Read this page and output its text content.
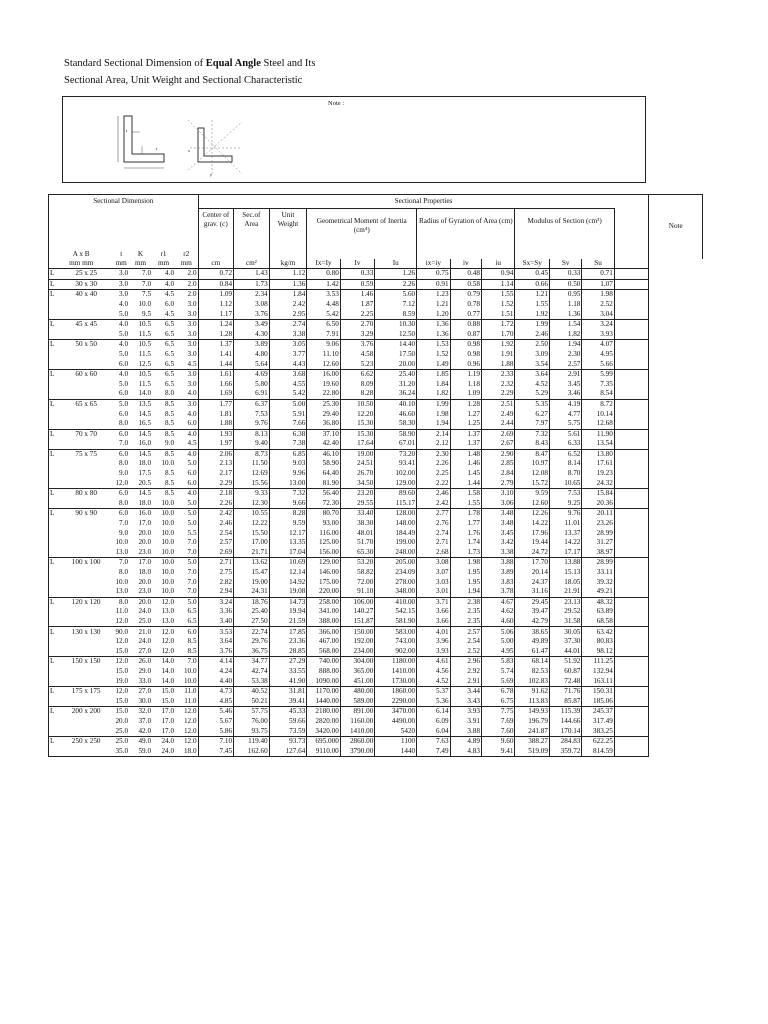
Standard Sectional Dimension of Equal Angle Steel and Its
Sectional Area, Unit Weight and Sectional Characteristic
Note :
t
t	x
y
Sectional Dimension						Sectional Properties													Note
A x B		t	K	r1	r2	Center of grav. (c)	Sec.of Area	Unit Weight	Geometrical Moment of Inertia (cm⁴)			Radius of Gyration of Area (cm)			Modulus of Section (cm³)				
mm mm		mm	mm	mm	mm	cm	cm²	kg/m	Ix=Iy	Iv	Iu	ix=iy	iv	iu	Sx=Sy	Sv	Su		
L	25 x 25	3.0	7.0	4.0	2.0	0.72	1.43	1.12	0.80	0.33	1.26	0.75	0.48	0.94	0.45	0.33	0.71		
L	30 x 30	3.0	7.0	4.0	2.0	0.84	1.73	1.36	1.42	0.59	2.26	0.91	0.58	1.14	0.66	0.50	1.07		
L	40 x 40	3.0	7.5	4.5	2.0	1.09	2.34	1.84	3.53	1.46	5.60	1.23	0.79	1.55	1.21	0.95	1.98		
		4.0	10.0	6.0	3.0	1.12	3.08	2.42	4.48	1.87	7.12	1.21	0.78	1.52	1.55	1.18	2.52		
		5.0	9.5	4.5	3.0	1.17	3.76	2.95	5.42	2.25	8.59	1.20	0.77	1.51	1.92	1.36	3.04		
L	45 x 45	4.0	10.5	6.5	3.0	1.24	3.49	2.74	6.50	2.70	10.30	1.36	0.88	1.72	1.99	1.54	3.24		
		5.0	11.5	6.5	3.0	1.28	4.30	3.38	7.91	3.29	12.50	1.36	0.87	1.70	2.46	1.82	3.93		
L	50 x 50	4.0	10.5	6.5	3.0	1.37	3.89	3.05	9.06	3.76	14.40	1.53	0.98	1.92	2.50	1.94	4.07		
		5.0	11.5	6.5	3.0	1.41	4.80	3.77	11.10	4.58	17.50	1.52	0.98	1.91	3.09	2.30	4.95		
		6.0	12.5	6.5	4.5	1.44	5.64	4.43	12.60	5.23	20.00	1.49	0.96	1.88	3.54	2.57	5.66		
L	60 x 60	4.0	10.5	6.5	3.0	1.61	4.69	3.68	16.00	6.62	25.40	1.85	1.19	2.33	3.64	2.91	5.99		
		5.0	11.5	6.5	3.0	1.66	5.80	4.55	19.60	8.09	31.20	1.84	1.18	2.32	4.52	3.45	7.35		
		6.0	14.0	8.0	4.0	1.69	6.91	5.42	22.80	8.28	36.24	1.82	1.09	2.29	5.29	3.46	8.54		
L	65 x 65	5.0	13.5	8.5	3.0	1.77	6.37	5.00	25.30	10.50	40.10	1.99	1.28	2.51	5.35	4.19	8.72		
		6.0	14.5	8.5	4.0	1.81	7.53	5.91	29.40	12.20	46.60	1.98	1.27	2.49	6.27	4.77	10.14		
		8.0	16.5	8.5	6.0	1.88	9.76	7.66	36.80	15.30	58.30	1.94	1.25	2.44	7.97	5.75	12.68		
L	70 x 70	6.0	14.5	8.5	4.0	1.93	8.13	6.38	37.10	15.30	58.90	2.14	1.37	2.69	7.32	5.61	11.90		
		7.0	16.0	9.0	4.5	1.97	9.40	7.38	42.40	17.64	67.01	2.12	1.37	2.67	8.43	6.33	13.54		
L	75 x 75	6.0	14.5	8.5	4.0	2.06	8.73	6.85	46.10	19.00	73.20	2.30	1.48	2.90	8.47	6.52	13.80		
		8.0	18.0	10.0	5.0	2.13	11.50	9.03	58.90	24.51	93.41	2.26	1.46	2.85	10.97	8.14	17.61		
		9.0	17.5	8.5	6.0	2.17	12.69	9.96	64.40	26.70	102.00	2.25	1.45	2.84	12.08	8.70	19.23		
		12.0	20.5	8.5	6.0	2.29	15.56	13.00	81.90	34.50	129.00	2.22	1.44	2.79	15.72	10.65	24.32		
L	80 x 80	6.0	14.5	8.5	4.0	2.18	9.33	7.32	56.40	23.20	89.60	2.46	1.58	3.10	9.59	7.53	15.84		
		8.0	18.0	10.0	5.0	2.26	12.30	9.66	72.30	29.55	115.17	2.42	1.55	3.06	12.60	9.25	20.36		
L	90 x 90	6.0	16.0	10.0	5.0	2.42	10.55	8.28	80.70	33.40	128.00	2.77	1.78	3.48	12.26	9.76	20.11		
		7.0	17.0	10.0	5.0	2.46	12.22	9.59	93.00	38.30	148.00	2.76	1.77	3.48	14.22	11.01	23.26		
		9.0	20.0	10.0	5.5	2.54	15.50	12.17	116.00	48.01	184.49	2.74	1.76	3.45	17.96	13.37	28.99		
		10.0	20.0	10.0	7.0	2.57	17.00	13.35	125.00	51.70	199.00	2.71	1.74	3.42	19.44	14.22	31.27		
		13.0	23.0	10.0	7.0	2.69	21.71	17.04	156.00	65.30	248.00	2.68	1.73	3.38	24.72	17.17	38.97		
L	100 x 100	7.0	17.0	10.0	5.0	2.71	13.62	10.69	129.00	53.20	205.00	3.08	1.98	3.88	17.70	13.88	28.99		
		8.0	18.0	10.0	7.0	2.75	15.47	12.14	146.00	58.82	234.09	3.07	1.95	3.89	20.14	15.13	33.11		
		10.0	20.0	10.0	7.0	2.82	19.00	14.92	175.00	72.00	278.00	3.03	1.95	3.83	24.37	18.05	39.32		
		13.0	23.0	10.0	7.0	2.94	24.31	19.08	220.00	91.10	348.00	3.01	1.94	3.78	31.16	21.91	49.21		
L	120 x 120	8.0	20.0	12.0	5.0	3.24	18.76	14.73	258.00	106.00	410.00	3.71	2.38	4.67	29.45	23.13	48.32		
		11.0	24.0	13.0	6.5	3.36	25.40	19.94	341.00	140.27	542.15	3.66	2.35	4.62	39.47	29.52	63.89		
		12.0	25.0	13.0	6.5	3.40	27.50	21.59	388.00	151.87	581.90	3.66	2.35	4.60	42.79	31.58	68.58		
L	130 x 130	90.0	21.0	12.0	6.0	3.53	22.74	17.85	366.00	150.00	583.00	4.01	2.57	5.06	38.65	30.05	63.42		
		12.0	24.0	12.0	8.5	3.64	29.76	23.36	467.00	192.00	743.00	3.96	2.54	5.00	49.89	37.30	80.83		
		15.0	27.0	12.0	8.5	3.76	36.75	28.85	568.00	234.00	902.00	3.93	2.52	4.95	61.47	44.01	98.12		
L	150 x 150	12.0	26.0	14.0	7.0	4.14	34.77	27.29	740.00	304.00	1180.00	4.61	2.96	5.83	68.14	51.92	111.25		
		15.0	29.0	14.0	10.0	4.24	42.74	33.55	888.00	365.00	1410.00	4.56	2.92	5.74	82.53	60.87	132.94		
		19.0	33.0	14.0	10.0	4.40	53.38	41.90	1090.00	451.00	1730.00	4.52	2.91	5.69	102.83	72.48	163.11		
L	175 x 175	12.0	27.0	15.0	11.0	4.73	40.52	31.81	1170.00	480.00	1860.00	5.37	3.44	6.78	91.62	71.76	150.31		
		15.0	30.0	15.0	11.0	4.85	50.21	39.41	1440.00	589.00	2290.00	5.36	3.43	6.75	113.83	85.87	185.06		
L	200 x 200	15.0	32.0	17.0	12.0	5.46	57.75	45.33	2180.00	891.00	3470.00	6.14	3.93	7.75	149.93	115.39	245.37		
		20.0	37.0	17.0	12.0	5.67	76.00	59.66	2820.00	1160.00	4490.00	6.09	3.91	7.69	196.79	144.66	317.49		
		25.0	42.0	17.0	12.0	5.86	93.75	73.59	3420.00	1410.00	5420	6.04	3.88	7.60	241.87	170.14	383.25		
L	250 x 250	25.0	49.0	24.0	12.0	7.10	119.40	93.73	695.000	2860.00	1100	7.63	4.89	9.60	388.27	284.83	622.25		
		35.0	59.0	24.0	18.0	7.45	162.60	127.64	9110.00	3790.00	1440	7.49	4.83	9.41	519.09	359.72	814.59		
